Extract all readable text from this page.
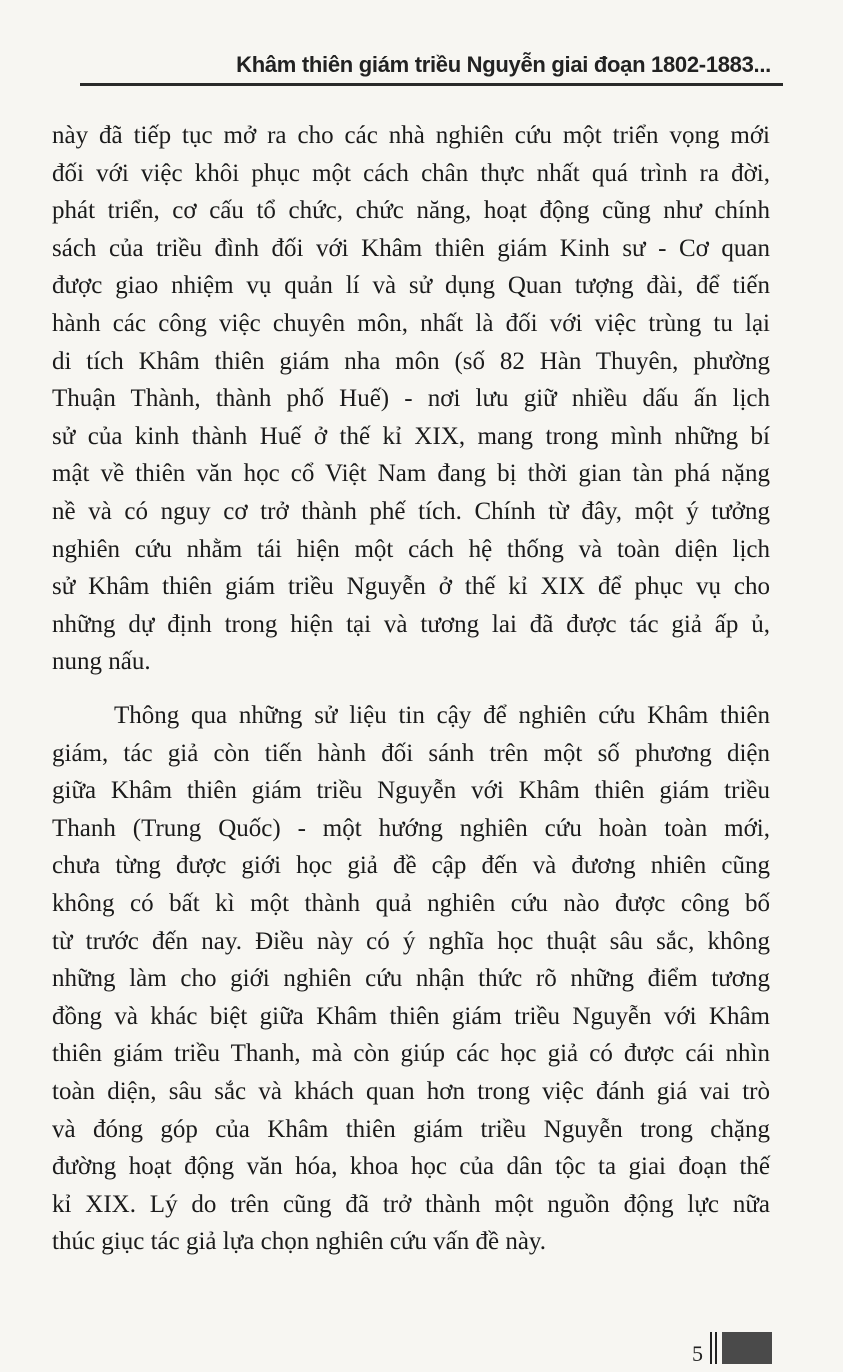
Khâm thiên giám triều Nguyễn giai đoạn 1802-1883...
này đã tiếp tục mở ra cho các nhà nghiên cứu một triển vọng mới
đối với việc khôi phục một cách chân thực nhất quá trình ra đời,
phát triển, cơ cấu tổ chức, chức năng, hoạt động cũng như chính
sách của triều đình đối với Khâm thiên giám Kinh sư - Cơ quan
được giao nhiệm vụ quản lí và sử dụng Quan tượng đài, để tiến
hành các công việc chuyên môn, nhất là đối với việc trùng tu lại
di tích Khâm thiên giám nha môn (số 82 Hàn Thuyên, phường
Thuận Thành, thành phố Huế) - nơi lưu giữ nhiều dấu ấn lịch
sử của kinh thành Huế ở thế kỉ XIX, mang trong mình những bí
mật về thiên văn học cổ Việt Nam đang bị thời gian tàn phá nặng
nề và có nguy cơ trở thành phế tích. Chính từ đây, một ý tưởng
nghiên cứu nhằm tái hiện một cách hệ thống và toàn diện lịch
sử Khâm thiên giám triều Nguyễn ở thế kỉ XIX để phục vụ cho
những dự định trong hiện tại và tương lai đã được tác giả ấp ủ,
nung nấu.
Thông qua những sử liệu tin cậy để nghiên cứu Khâm thiên
giám, tác giả còn tiến hành đối sánh trên một số phương diện
giữa Khâm thiên giám triều Nguyễn với Khâm thiên giám triều
Thanh (Trung Quốc) - một hướng nghiên cứu hoàn toàn mới,
chưa từng được giới học giả đề cập đến và đương nhiên cũng
không có bất kì một thành quả nghiên cứu nào được công bố
từ trước đến nay. Điều này có ý nghĩa học thuật sâu sắc, không
những làm cho giới nghiên cứu nhận thức rõ những điểm tương
đồng và khác biệt giữa Khâm thiên giám triều Nguyễn với Khâm
thiên giám triều Thanh, mà còn giúp các học giả có được cái nhìn
toàn diện, sâu sắc và khách quan hơn trong việc đánh giá vai trò
và đóng góp của Khâm thiên giám triều Nguyễn trong chặng
đường hoạt động văn hóa, khoa học của dân tộc ta giai đoạn thế
kỉ XIX. Lý do trên cũng đã trở thành một nguồn động lực nữa
thúc giục tác giả lựa chọn nghiên cứu vấn đề này.
5
